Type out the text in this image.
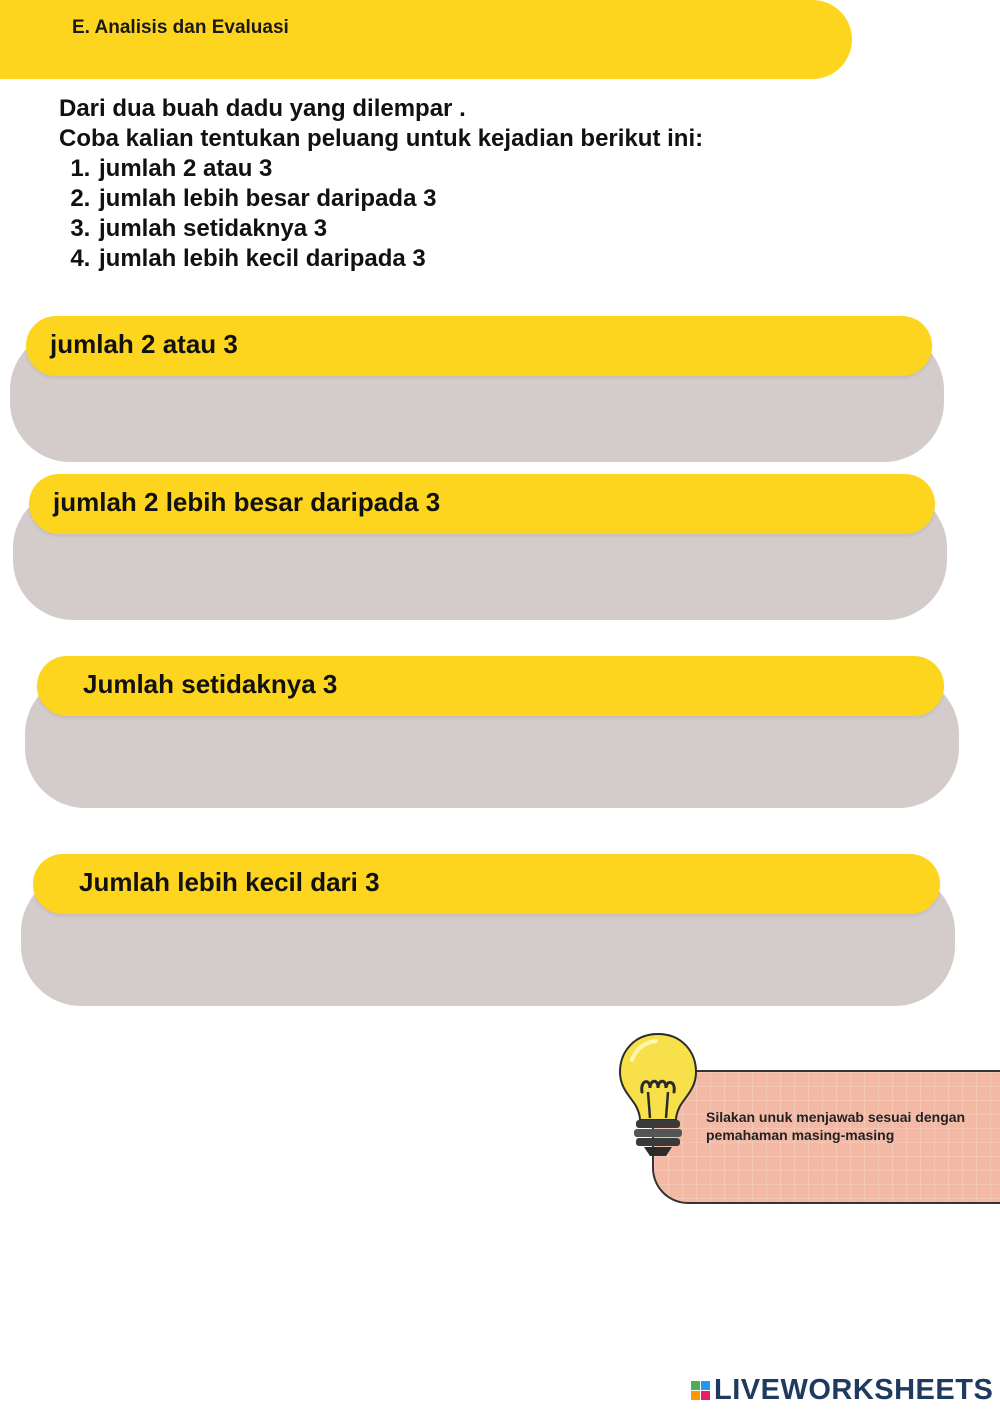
E. Analisis dan Evaluasi

Dari dua buah dadu yang dilempar .

Coba kalian tentukan peluang untuk kejadian berikut ini:

1. jumlah 2 atau 3
2. jumlah lebih besar daripada 3
3. jumlah setidaknya 3
4. jumlah lebih kecil daripada 3
jumlah 2 atau 3
jumlah 2 lebih besar daripada 3
Jumlah setidaknya 3
Jumlah lebih kecil dari 3
Silakan unuk menjawab sesuai dengan pemahaman masing-masing
LIVEWORKSHEETS
